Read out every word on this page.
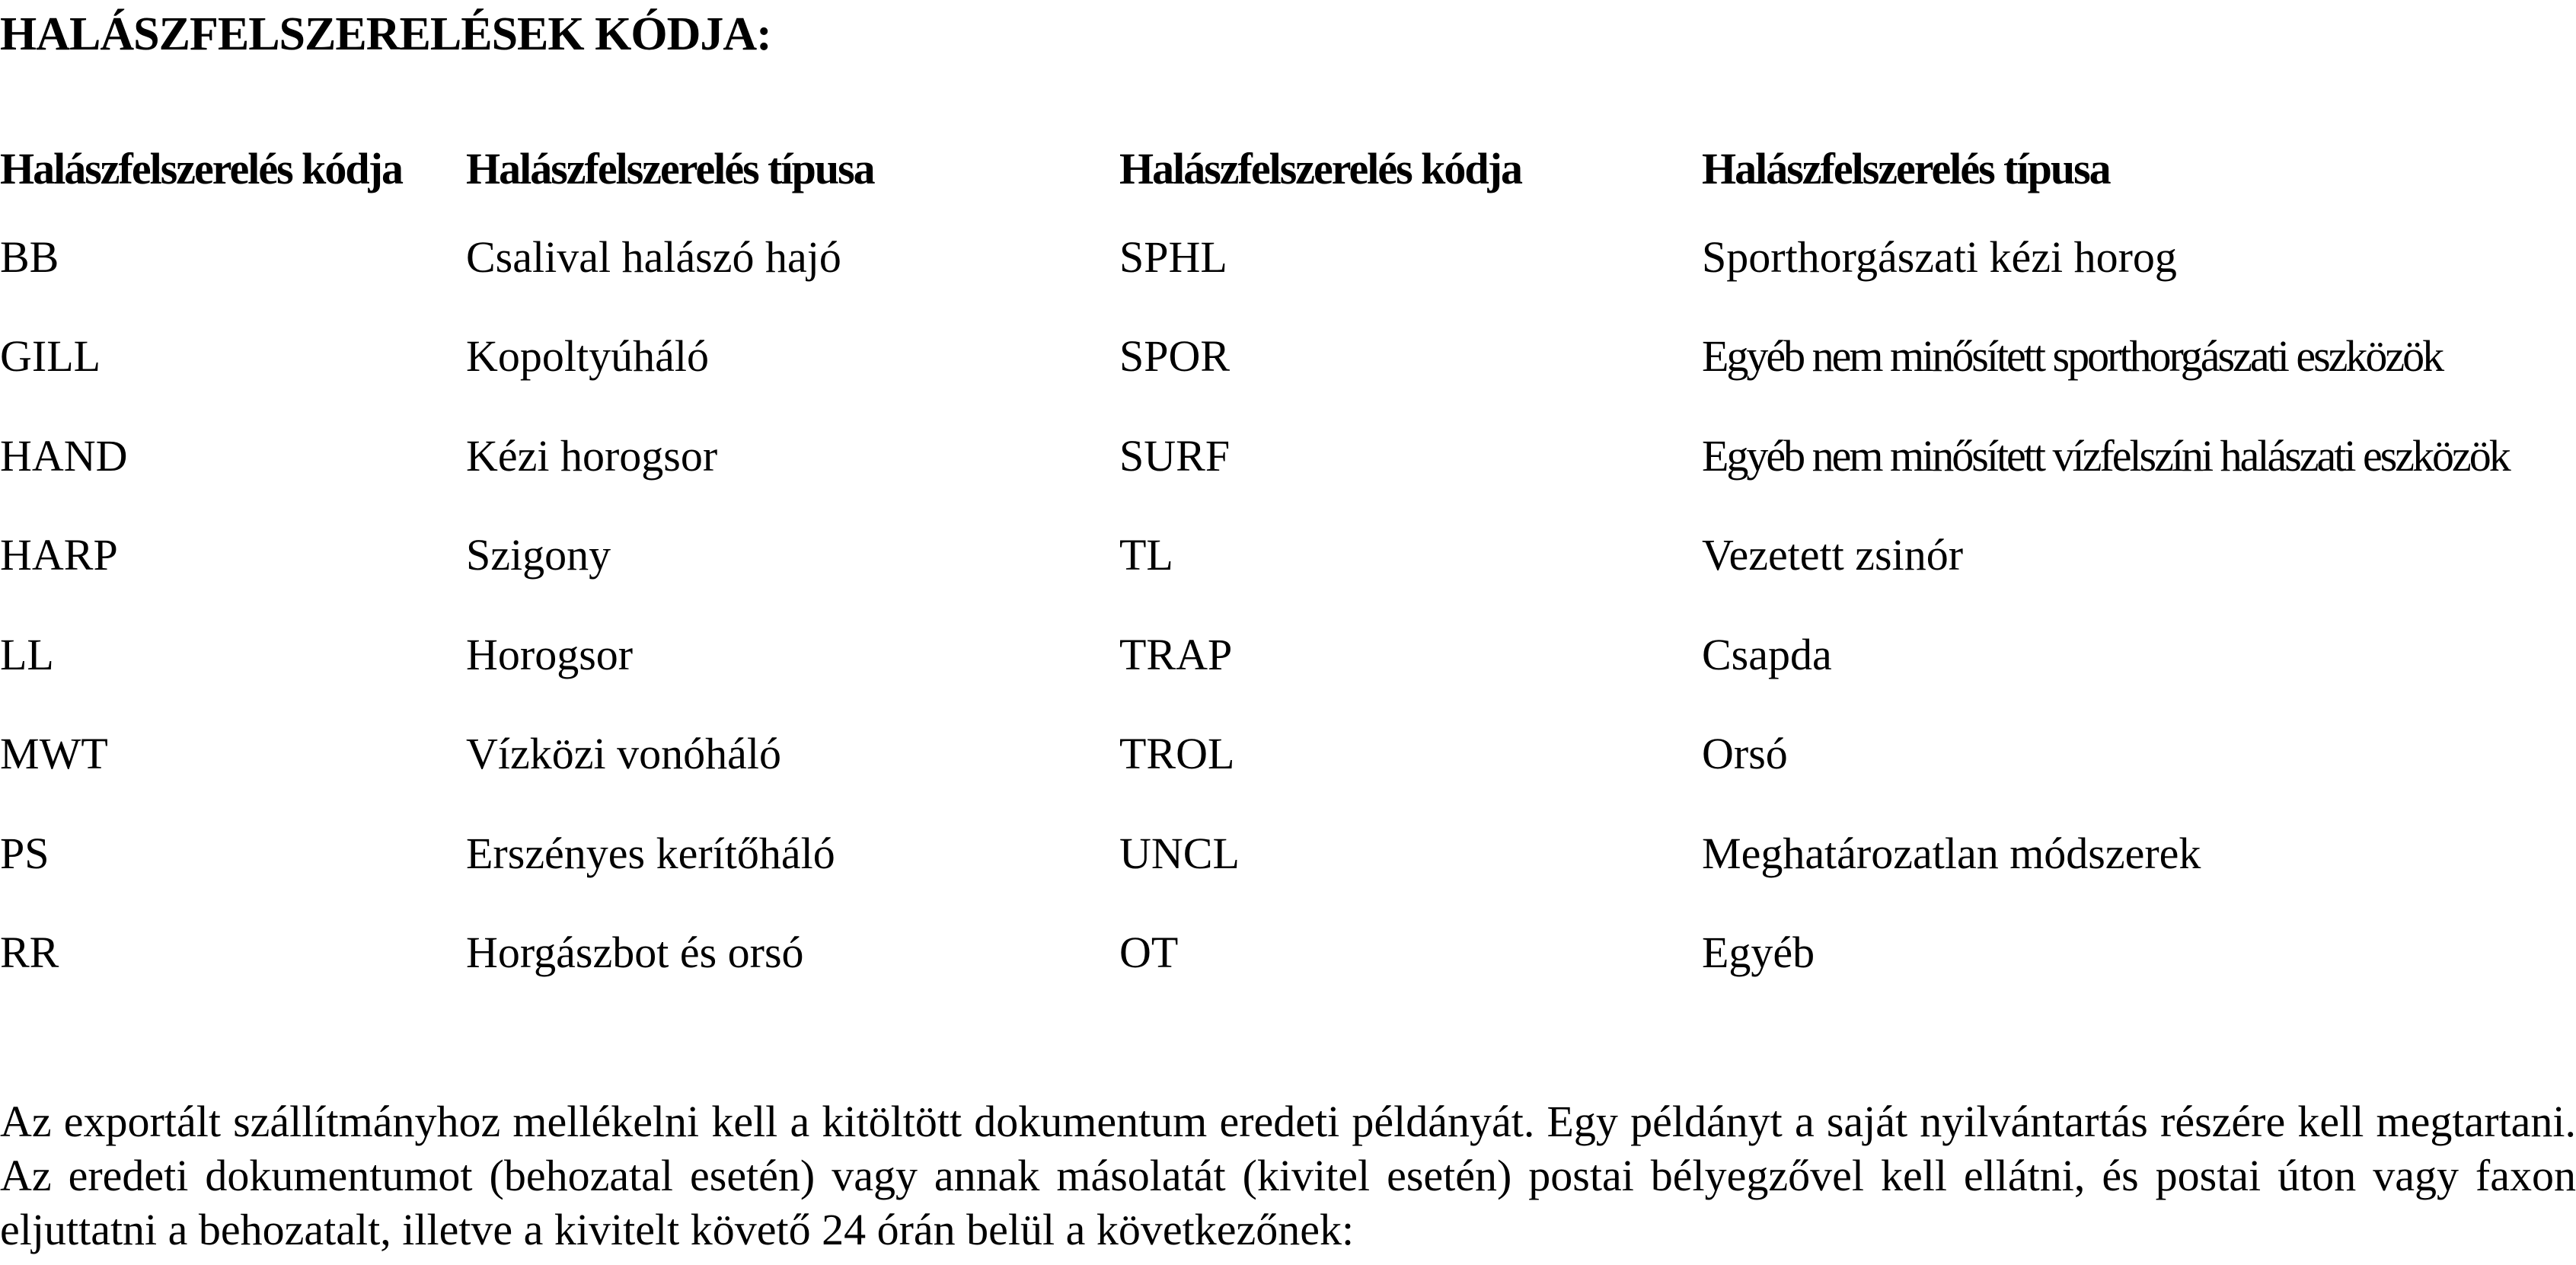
HALÁSZFELSZERELÉSEK KÓDJA:
Halászfelszerelés kódja	Halászfelszerelés típusa	Halászfelszerelés kódja	Halászfelszerelés típusa
BB	Csalival halászó hajó	SPHL	Sporthorgászati kézi horog
GILL	Kopoltyúháló	SPOR	Egyéb nem minősített sporthorgászati eszközök
HAND	Kézi horogsor	SURF	Egyéb nem minősített vízfelszíni halászati eszközök
HARP	Szigony	TL	Vezetett zsinór
LL	Horogsor	TRAP	Csapda
MWT	Vízközi vonóháló	TROL	Orsó
PS	Erszényes kerítőháló	UNCL	Meghatározatlan módszerek
RR	Horgászbot és orsó	OT	Egyéb

Az exportált szállítmányhoz mellékelni kell a kitöltött dokumentum eredeti példányát. Egy példányt a saját nyilvántartás részére kell megtartani. Az eredeti dokumentumot (behozatal esetén) vagy annak másolatát (kivitel esetén) postai bélyegzővel kell ellátni, és postai úton vagy faxon eljuttatni a behozatalt, illetve a kivitelt követő 24 órán belül a következőnek:
